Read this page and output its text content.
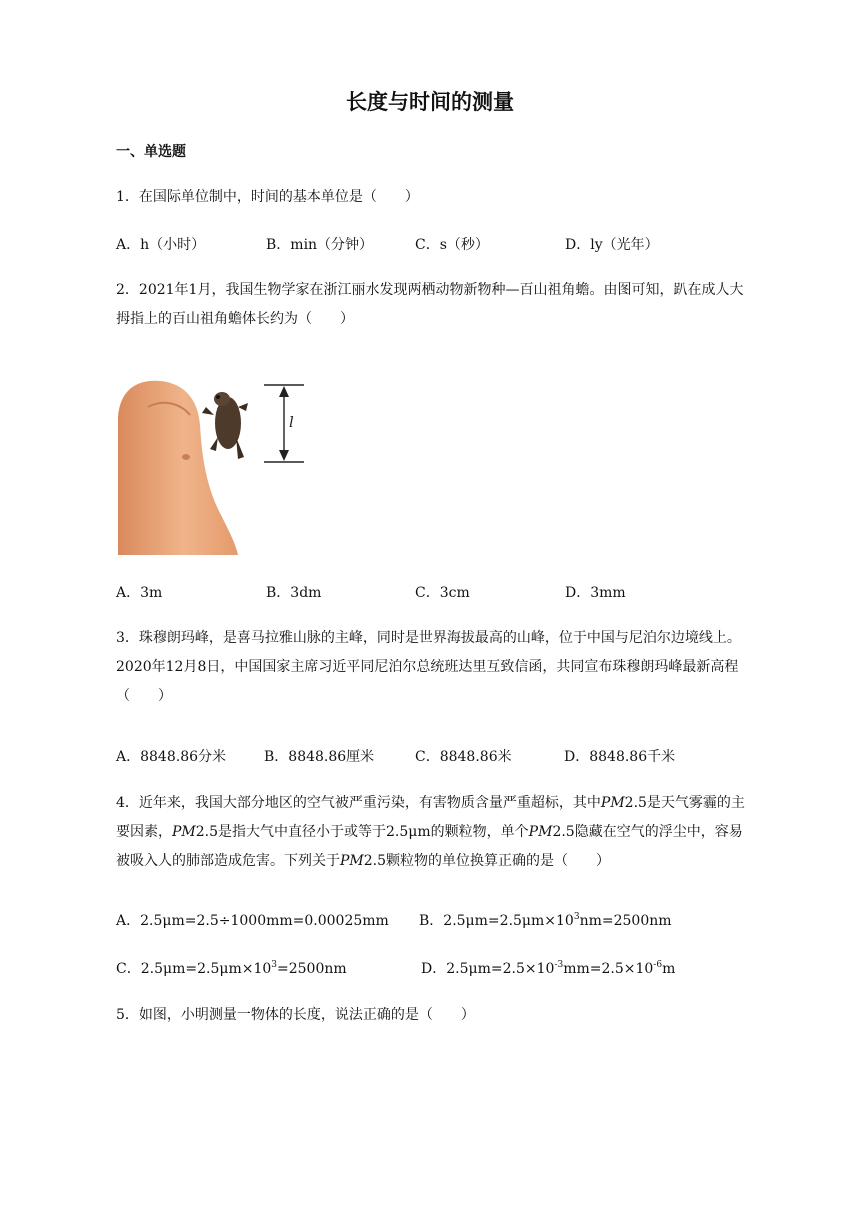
长度与时间的测量
一、单选题
1．在国际单位制中，时间的基本单位是（　　）
A．h（小时）	B．min（分钟）	C．s（秒）	D．ly（光年）
2．2021年1月，我国生物学家在浙江丽水发现两栖动物新物种—百山祖角蟾。由图可知，趴在成人大拇指上的百山祖角蟾体长约为（　　）
l
A．3m	B．3dm	C．3cm	D．3mm
3．珠穆朗玛峰，是喜马拉雅山脉的主峰，同时是世界海拔最高的山峰，位于中国与尼泊尔边境线上。2020年12月8日，中国国家主席习近平同尼泊尔总统班达里互致信函，共同宣布珠穆朗玛峰最新高程（　　）
A．8848.86分米	B．8848.86厘米	C．8848.86米	D．8848.86千米
4．近年来，我国大部分地区的空气被严重污染，有害物质含量严重超标，其中PM2.5是天气雾霾的主要因素，PM2.5是指大气中直径小于或等于2.5μm的颗粒物，单个PM2.5隐藏在空气的浮尘中，容易被吸入人的肺部造成危害。下列关于PM2.5颗粒物的单位换算正确的是（　　）
A．2.5μm=2.5÷1000mm=0.00025mm B．$2.5\mu m=2.5\mu m\times 10^3nm=2500nm$
C．$2.5\mu m=2.5\mu m\times 10^3=2500nm$	D．$2.5\mu m=2.5\times 10^{-3}mm=2.5\times 10^{-6}m$
5．如图，小明测量一物体的长度，说法正确的是（　　）
